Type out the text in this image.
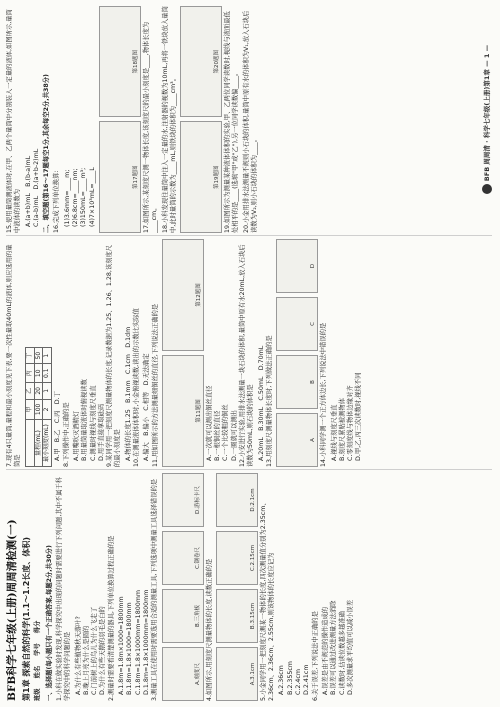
BFB科学七年级(上册)周周清检测(一) 第1章 探索自然的科学(1.1～1.2长度、体积) 班级
姓名
学号
得分 一、选择题(每小题只有一个正确答案,每题2分,共30分) 1.小科在做实验时发现,科学探究中出现的问题时需要进行下列问题,其中不属于科学探究中的科学问题的是 A.为什么有些植物秋天落叶? B.晚上月亮为什么是圆的 C.门前树上的鸟儿为什么飞走了 D.为什么有些天鹅的羽毛是白的 2.测量时需要看清楚测量的器具,下列单位换算过程正确的是 A.1.8m=1.8m×1000=1800mm B.1.8m=1.8×1000=1800mm C.1.8m=1.8×1000mm=1800mm D.1.8m=1.8×1000mm=1800mm 3.测量工具在使用时需要选用合适的测量工具,下列选项中测量工具选择错误的是	A.刻度尺
B.三角板
C.钢卷尺
D.游标卡尺
4.如图所示,用刻度尺测量物体的长度,读数正确的是	A.3.1cm
B.3.15cm
C.2.15cm
D.2.1cm 5.小金同学用一把刻度尺测某一物体的长度,四次测量值分别为2.35cm、2.36cm、2.36cm、2.55cm,则该物体的长度应记为 A.2.36cm B.2.355cm C.2.4cm D.2.41cm 6.关于误差,下列说法中正确的是 A.误差是由不规范的操作造成的 B.误差可以通过改进测量方法消除 C.读数时,估读位数越多越准确 D.多次测量求平均值可以减小误差
7.现有4只量筒,量程和最小刻度见下表,要一次性量取40mL的液体,则应选用的量筒是
	甲	乙	丙	丁
量程(mL)	100	20	10	50
最小刻度(mL)	2	1	0.1	1
A.甲　B.乙　C.丙　D.丁
8.下列操作中,正确的是 A.用嘴吹灭酒精灯 B.用量筒量取液体时俯视读数 C.测量时视线与刻度尺垂直 D.用手直接拿取砝码 9.某同学用一把刻度尺测量物体的长度,记录数据为1.25、1.26、1.28,该刻度尺的最小刻度是 A.物体的长度1.25　B.1mm　C.1cm　D.1dm 10.在测量液体体积时,小金俯视读数,读出的示数比实际值 A.偏大　B.偏小　C.相等　D.无法确定 11.用如图所示的方法测量细铜丝的直径,下列说法正确的是	第11题图
第12题图
A.一次就可以测出铜丝直径 B.一根铜丝的直径 C.一个比较粗的铜丝 D.一圈就可以测出 12.小安进行实验,用排水法测量一块石块的体积,量筒中原有水20mL,放入石块后读数为50mL,则石块的体积是 A.20mL　B.30mL　C.50mL　D.70mL 13.用刻度尺测量物体长度时,下列做法正确的是	A
B
C
D
14.小科同学测一个正方体边长,下列说法中错误的是 A.视线与刻度尺垂直 B.刻度尺紧贴被测物体 C.零刻度线与物体边缘对齐 D.甲,乙,丙三次读数时,视线不同
15.使用量筒测液体时,在甲、乙两个量筒中分别装入一定量的液体,如图所示,量筒中液体的读数为 A.(a+b)mL　B.(b-a)mL
C.(a-b)mL　D.(a+b-2)mL 二、填空题(第16～17题每空1分,其余每空2分,共38分) 16.完成下列单位换算: (1)3.6mm=____m; (2)6.8cm=____nm; (3)150mL=____m³; (4)7×10³mL=____L	第17题图
第18题图 17.如图所示,某刻度尺测一物体长度,该刻度尺的最小刻度是____,物体长度为____cm。 18.小科发现往量筒中注入一定量的水,注射器的视数为10mL,再将一铁块放入量筒中,此时量筒的示数为____mL,则铁块的体积为____cm³。	第19题图
第20题图 19.如图所示为测量某种液体体积的实验,甲、乙两位同学读数时,视线与液面最低处相平的是____(选填"甲"或"乙"),另一位同学读数偏____。 20.小金用排水法测量不规则小石块的体积,量筒中原有水的体积为V₁,放入石块后读数为V₂,则小石块的体积为____。
BFB 周周清 · 科学七年级(上册)第1章 — 1 —
